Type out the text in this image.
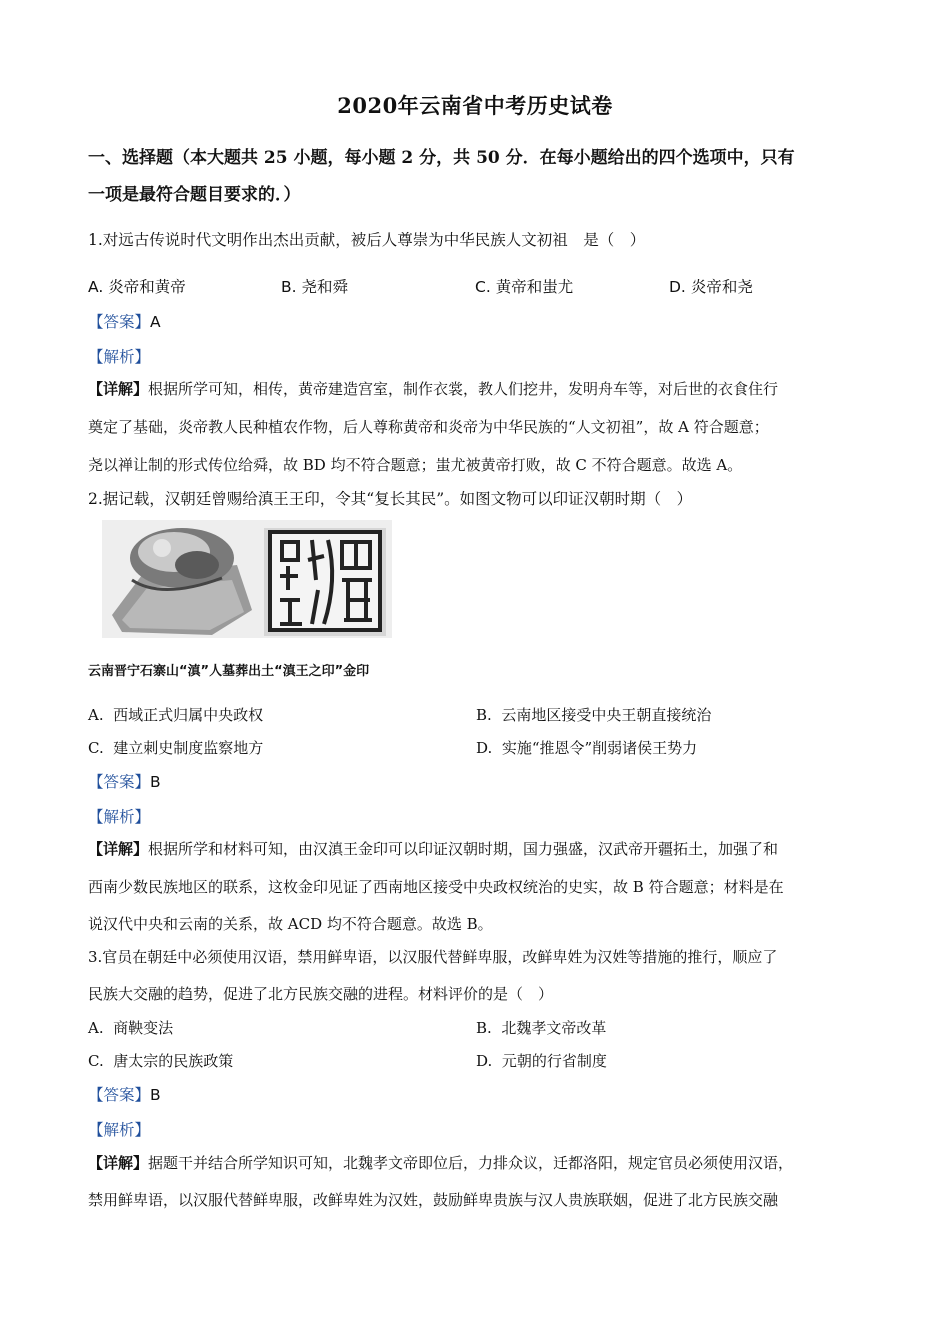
2020年云南省中考历史试卷
一、选择题（本大题共 25 小题，每小题 2 分，共 50 分．在每小题给出的四个选项中，只有
一项是最符合题目要求的．）
1.对远古传说时代文明作出杰出贡献，被后人尊崇为中华民族人文初祖　是（　）
A. 炎帝和黄帝	B. 尧和舜	C. 黄帝和蚩尤	D. 炎帝和尧
【答案】A
【解析】
【详解】根据所学可知，相传，黄帝建造宫室，制作衣裳，教人们挖井，发明舟车等，对后世的衣食住行
奠定了基础，炎帝教人民种植农作物，后人尊称黄帝和炎帝为中华民族的“人文初祖”，故 A 符合题意；
尧以禅让制的形式传位给舜，故 BD 均不符合题意；蚩尤被黄帝打败，故 C 不符合题意。故选 A。
2.据记载，汉朝廷曾赐给滇王王印，令其“复长其民”。如图文物可以印证汉朝时期（　）
云南晋宁石寨山“滇”人墓葬出土“滇王之印”金印
A. 西域正式归属中央政权	B. 云南地区接受中央王朝直接统治
C. 建立刺史制度监察地方	D. 实施“推恩令”削弱诸侯王势力
【答案】B
【解析】
【详解】根据所学和材料可知，由汉滇王金印可以印证汉朝时期，国力强盛，汉武帝开疆拓土，加强了和
西南少数民族地区的联系，这枚金印见证了西南地区接受中央政权统治的史实，故 B 符合题意；材料是在
说汉代中央和云南的关系，故 ACD 均不符合题意。故选 B。
3.官员在朝廷中必须使用汉语，禁用鲜卑语，以汉服代替鲜卑服，改鲜卑姓为汉姓等措施的推行，顺应了
民族大交融的趋势，促进了北方民族交融的进程。材料评价的是（　）
A. 商鞅变法	B. 北魏孝文帝改革
C. 唐太宗的民族政策	D. 元朝的行省制度
【答案】B
【解析】
【详解】据题干并结合所学知识可知，北魏孝文帝即位后，力排众议，迁都洛阳，规定官员必须使用汉语，
禁用鲜卑语，以汉服代替鲜卑服，改鲜卑姓为汉姓，鼓励鲜卑贵族与汉人贵族联姻，促进了北方民族交融
